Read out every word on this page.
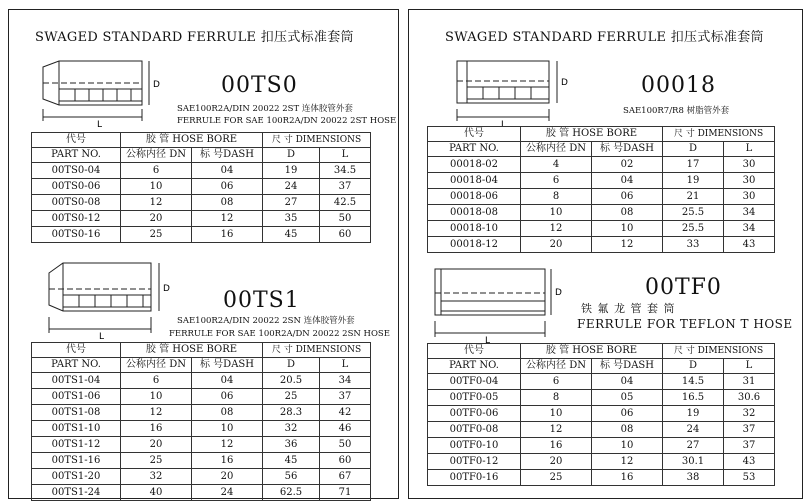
SWAGED STANDARD FERRULE 扣压式标准套筒
D
L
00TS0
SAE100R2A/DIN 20022 2ST 连体胶管外套
FERRULE FOR SAE 100R2A/DN 20022 2ST HOSE
代号	胶 管 HOSE BORE		尺 寸 DIMENSIONS	
PART NO.	公称内径 DN	标 号DASH	D	L
00TS0-04	6	04	19	34.5
00TS0-06	10	06	24	37
00TS0-08	12	08	27	42.5
00TS0-12	20	12	35	50
00TS0-16	25	16	45	60
D
L
00TS1
SAE100R2A/DIN 20022 2SN 连体胶管外套
FERRULE FOR SAE 100R2A/DN 20022 2SN HOSE
代号	胶 管 HOSE BORE		尺 寸 DIMENSIONS	
PART NO.	公称内径 DN	标 号DASH	D	L
00TS1-04	6	04	20.5	34
00TS1-06	10	06	25	37
00TS1-08	12	08	28.3	42
00TS1-10	16	10	32	46
00TS1-12	20	12	36	50
00TS1-16	25	16	45	60
00TS1-20	32	20	56	67
00TS1-24	40	24	62.5	71
SWAGED STANDARD FERRULE 扣压式标准套筒
D
L
00018
SAE100R7/R8 树脂管外套
代号	胶 管 HOSE BORE		尺 寸 DIMENSIONS	
PART NO.	公称内径 DN	标 号DASH	D	L
00018-02	4	02	17	30
00018-04	6	04	19	30
00018-06	8	06	21	30
00018-08	10	08	25.5	34
00018-10	12	10	25.5	34
00018-12	20	12	33	43
D
L
00TF0
铁 氟 龙 管 套 筒
FERRULE FOR TEFLON T HOSE
代号	胶 管 HOSE BORE		尺 寸 DIMENSIONS	
PART NO.	公称内径 DN	标 号DASH	D	L
00TF0-04	6	04	14.5	31
00TF0-05	8	05	16.5	30.6
00TF0-06	10	06	19	32
00TF0-08	12	08	24	37
00TF0-10	16	10	27	37
00TF0-12	20	12	30.1	43
00TF0-16	25	16	38	53
